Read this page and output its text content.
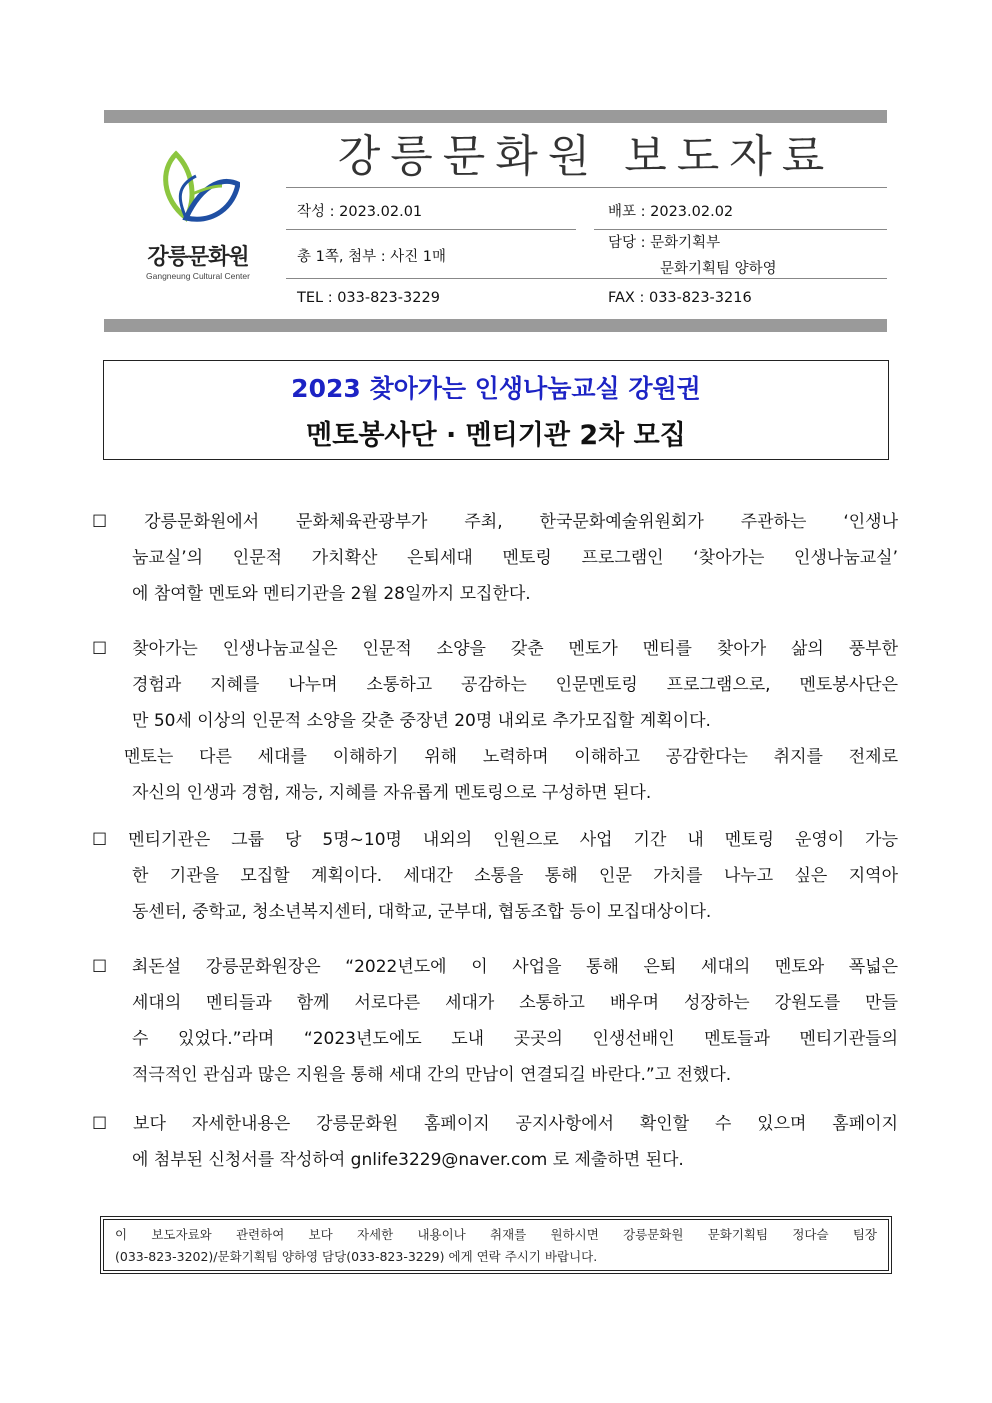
강릉문화원
Gangneung Cultural Center
강릉문화원 보도자료
작성 : 2023.02.01	배포 : 2023.02.02
총 1쪽, 첨부 : 사진 1매
담당 : 문화기획부
문화기획팀 양하영
TEL : 033-823-3229	FAX : 033-823-3216
2023 찾아가는 인생나눔교실 강원권
멘토봉사단 · 멘티기관 2차 모집
☐ 강릉문화원에서 문화체육관광부가 주최, 한국문화예술위원회가 주관하는 ‘인생나
눔교실’의 인문적 가치확산 은퇴세대 멘토링 프로그램인 ‘찾아가는 인생나눔교실’
에 참여할 멘토와 멘티기관을 2월 28일까지 모집한다.
☐ 찾아가는 인생나눔교실은 인문적 소양을 갖춘 멘토가 멘티를 찾아가 삶의 풍부한
경험과 지혜를 나누며 소통하고 공감하는 인문멘토링 프로그램으로, 멘토봉사단은
만 50세 이상의 인문적 소양을 갖춘 중장년 20명 내외로 추가모집할 계획이다.
멘토는 다른 세대를 이해하기 위해 노력하며 이해하고 공감한다는 취지를 전제로
자신의 인생과 경험, 재능, 지혜를 자유롭게 멘토링으로 구성하면 된다.
☐ 멘티기관은 그룹 당 5명~10명 내외의 인원으로 사업 기간 내 멘토링 운영이 가능
한 기관을 모집할 계획이다. 세대간 소통을 통해 인문 가치를 나누고 싶은 지역아
동센터, 중학교, 청소년복지센터, 대학교, 군부대, 협동조합 등이 모집대상이다.
☐ 최돈설 강릉문화원장은 “2022년도에 이 사업을 통해 은퇴 세대의 멘토와 폭넓은
세대의 멘티들과 함께 서로다른 세대가 소통하고 배우며 성장하는 강원도를 만들
수 있었다.”라며 “2023년도에도 도내 곳곳의 인생선배인 멘토들과 멘티기관들의
적극적인 관심과 많은 지원을 통해 세대 간의 만남이 연결되길 바란다.”고 전했다.
☐ 보다 자세한내용은 강릉문화원 홈페이지 공지사항에서 확인할 수 있으며 홈페이지
에 첨부된 신청서를 작성하여 gnlife3229@naver.com 로 제출하면 된다.
이 보도자료와 관련하여 보다 자세한 내용이나 취재를 원하시면 강릉문화원 문화기획팀 정다슬 팀장
(033-823-3202)/문화기획팀 양하영 담당(033-823-3229) 에게 연락 주시기 바랍니다.
